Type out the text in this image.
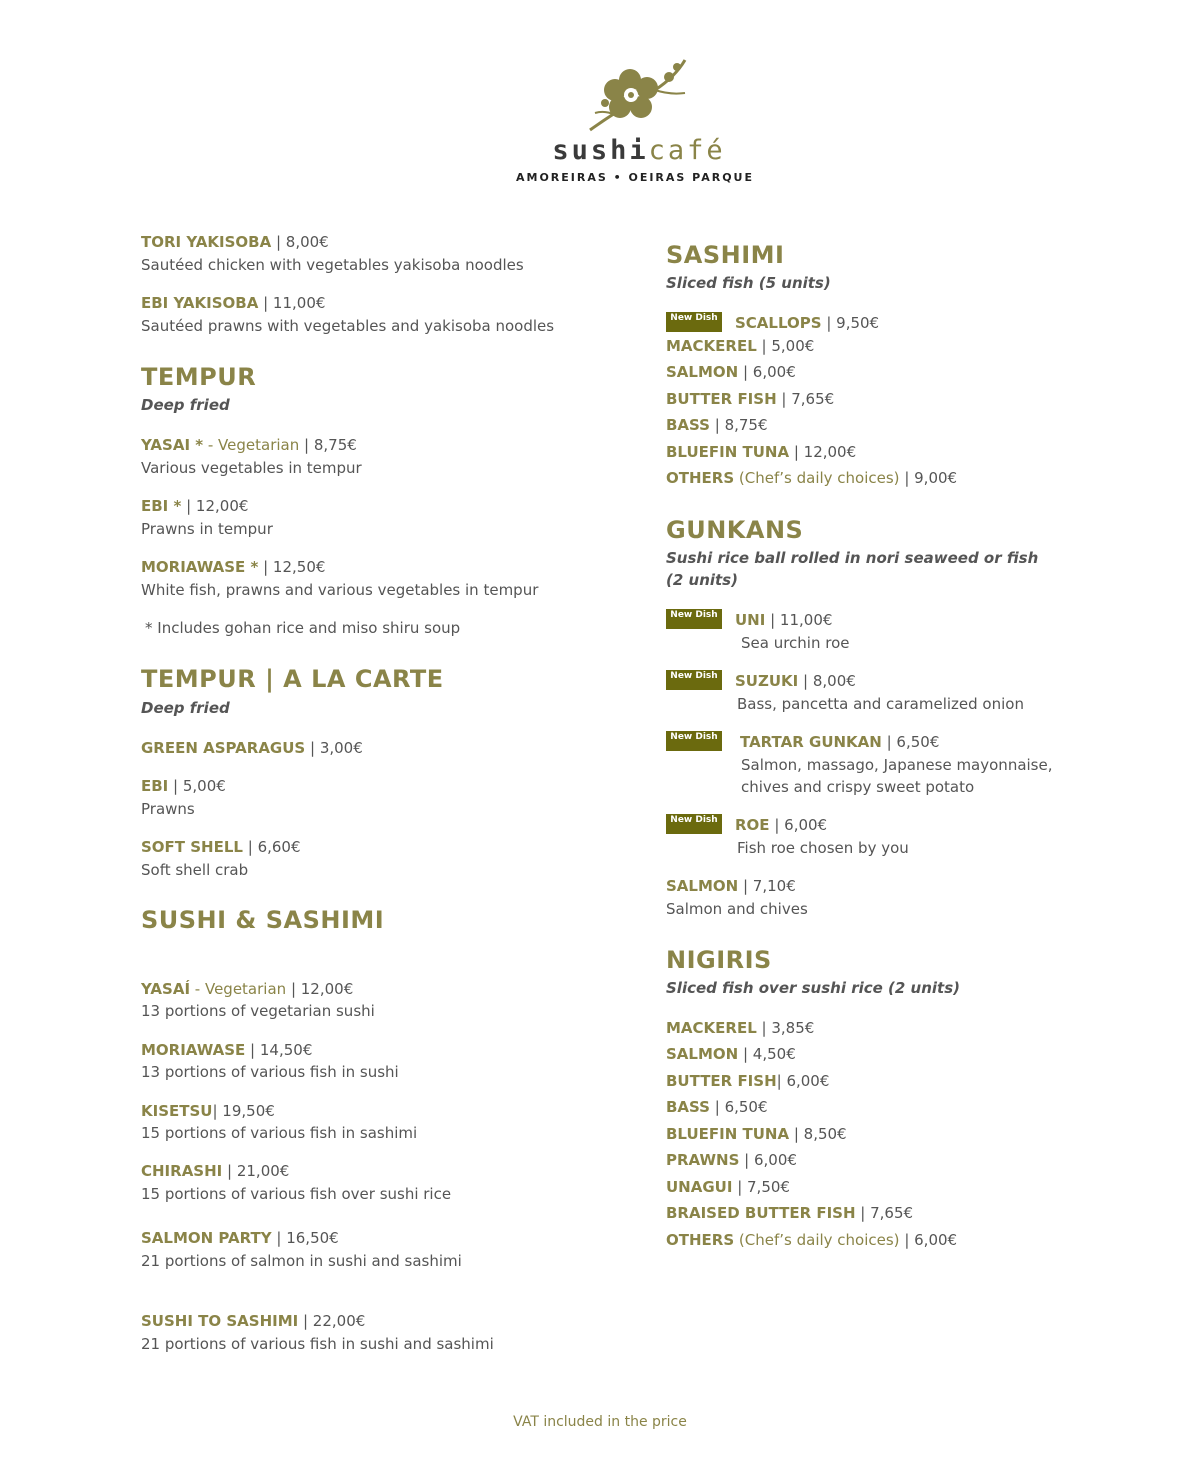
sushicafé
AMOREIRAS • OEIRAS PARQUE
TORI YAKISOBA | 8,00€
Sautéed chicken with vegetables yakisoba noodles
EBI YAKISOBA | 11,00€
Sautéed prawns with vegetables and yakisoba noodles
TEMPUR
Deep fried
YASAI * - Vegetarian | 8,75€
Various vegetables in tempur
EBI * | 12,00€
Prawns in tempur
MORIAWASE * | 12,50€
White fish, prawns and various vegetables in tempur
* Includes gohan rice and miso shiru soup
TEMPUR | A LA CARTE
Deep fried
GREEN ASPARAGUS | 3,00€
EBI | 5,00€
Prawns
SOFT SHELL | 6,60€
Soft shell crab
SUSHI & SASHIMI
YASAÍ - Vegetarian | 12,00€
13 portions of vegetarian sushi
MORIAWASE | 14,50€
13 portions of various fish in sushi
KISETSU| 19,50€
15 portions of various fish in sashimi
CHIRASHI | 21,00€
15 portions of various fish over sushi rice
SALMON PARTY | 16,50€
21 portions of salmon in sushi and sashimi
SUSHI TO SASHIMI | 22,00€
21 portions of various fish in sushi and sashimi
SASHIMI
Sliced fish (5 units)
New Dish SCALLOPS | 9,50€
MACKEREL | 5,00€
SALMON | 6,00€
BUTTER FISH | 7,65€
BASS | 8,75€
BLUEFIN TUNA | 12,00€
OTHERS (Chef’s daily choices) | 9,00€
GUNKANS
Sushi rice ball rolled in nori seaweed or fish
(2 units)
New Dish UNI | 11,00€
Sea urchin roe
New Dish SUZUKI | 8,00€
Bass, pancetta and caramelized onion
New Dish TARTAR GUNKAN | 6,50€
Salmon, massago, Japanese mayonnaise,
chives and crispy sweet potato
New Dish ROE | 6,00€
Fish roe chosen by you
SALMON | 7,10€
Salmon and chives
NIGIRIS
Sliced fish over sushi rice (2 units)
MACKEREL | 3,85€
SALMON | 4,50€
BUTTER FISH| 6,00€
BASS | 6,50€
BLUEFIN TUNA | 8,50€
PRAWNS | 6,00€
UNAGUI | 7,50€
BRAISED BUTTER FISH | 7,65€
OTHERS (Chef’s daily choices) | 6,00€
VAT included in the price
